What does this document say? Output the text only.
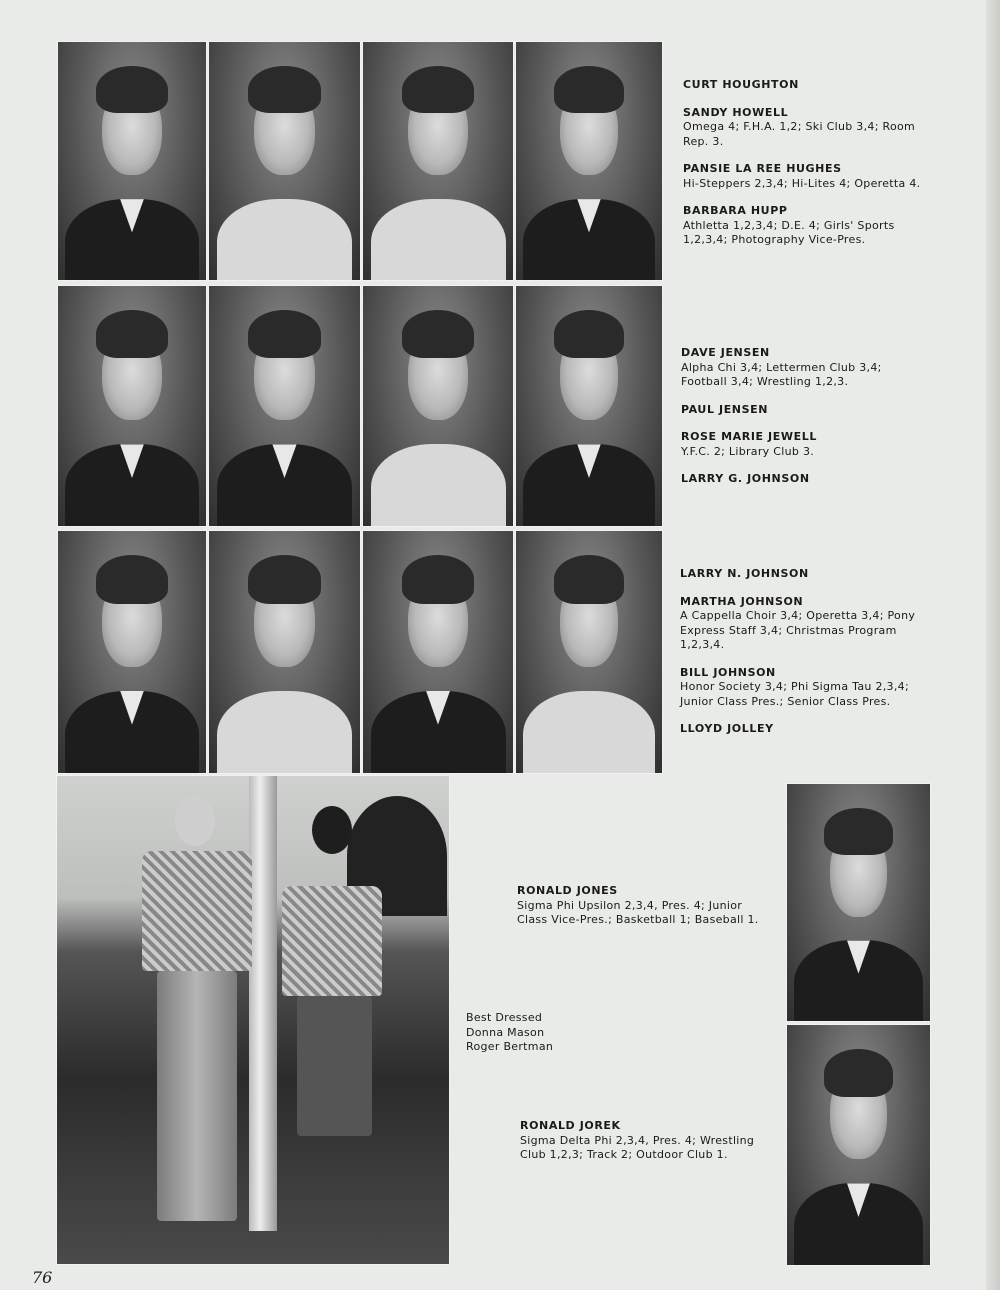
CURT HOUGHTON
SANDY HOWELL
Omega 4; F.H.A. 1,2; Ski Club 3,4; Room Rep. 3.
PANSIE LA REE HUGHES
Hi-Steppers 2,3,4; Hi-Lites 4; Operetta 4.
BARBARA HUPP
Athletta 1,2,3,4; D.E. 4; Girls' Sports 1,2,3,4; Photography Vice-Pres.
DAVE JENSEN
Alpha Chi 3,4; Lettermen Club 3,4; Football 3,4; Wrestling 1,2,3.
PAUL JENSEN
ROSE MARIE JEWELL
Y.F.C. 2; Library Club 3.
LARRY G. JOHNSON
LARRY N. JOHNSON
MARTHA JOHNSON
A Cappella Choir 3,4; Operetta 3,4; Pony Express Staff 3,4; Christmas Program 1,2,3,4.
BILL JOHNSON
Honor Society 3,4; Phi Sigma Tau 2,3,4; Junior Class Pres.; Senior Class Pres.
LLOYD JOLLEY
RONALD JONES
Sigma Phi Upsilon 2,3,4, Pres. 4; Junior Class Vice-Pres.; Basketball 1; Baseball 1.
Best Dressed
Donna Mason
Roger Bertman
RONALD JOREK
Sigma Delta Phi 2,3,4, Pres. 4; Wrestling Club 1,2,3; Track 2; Outdoor Club 1.
76
